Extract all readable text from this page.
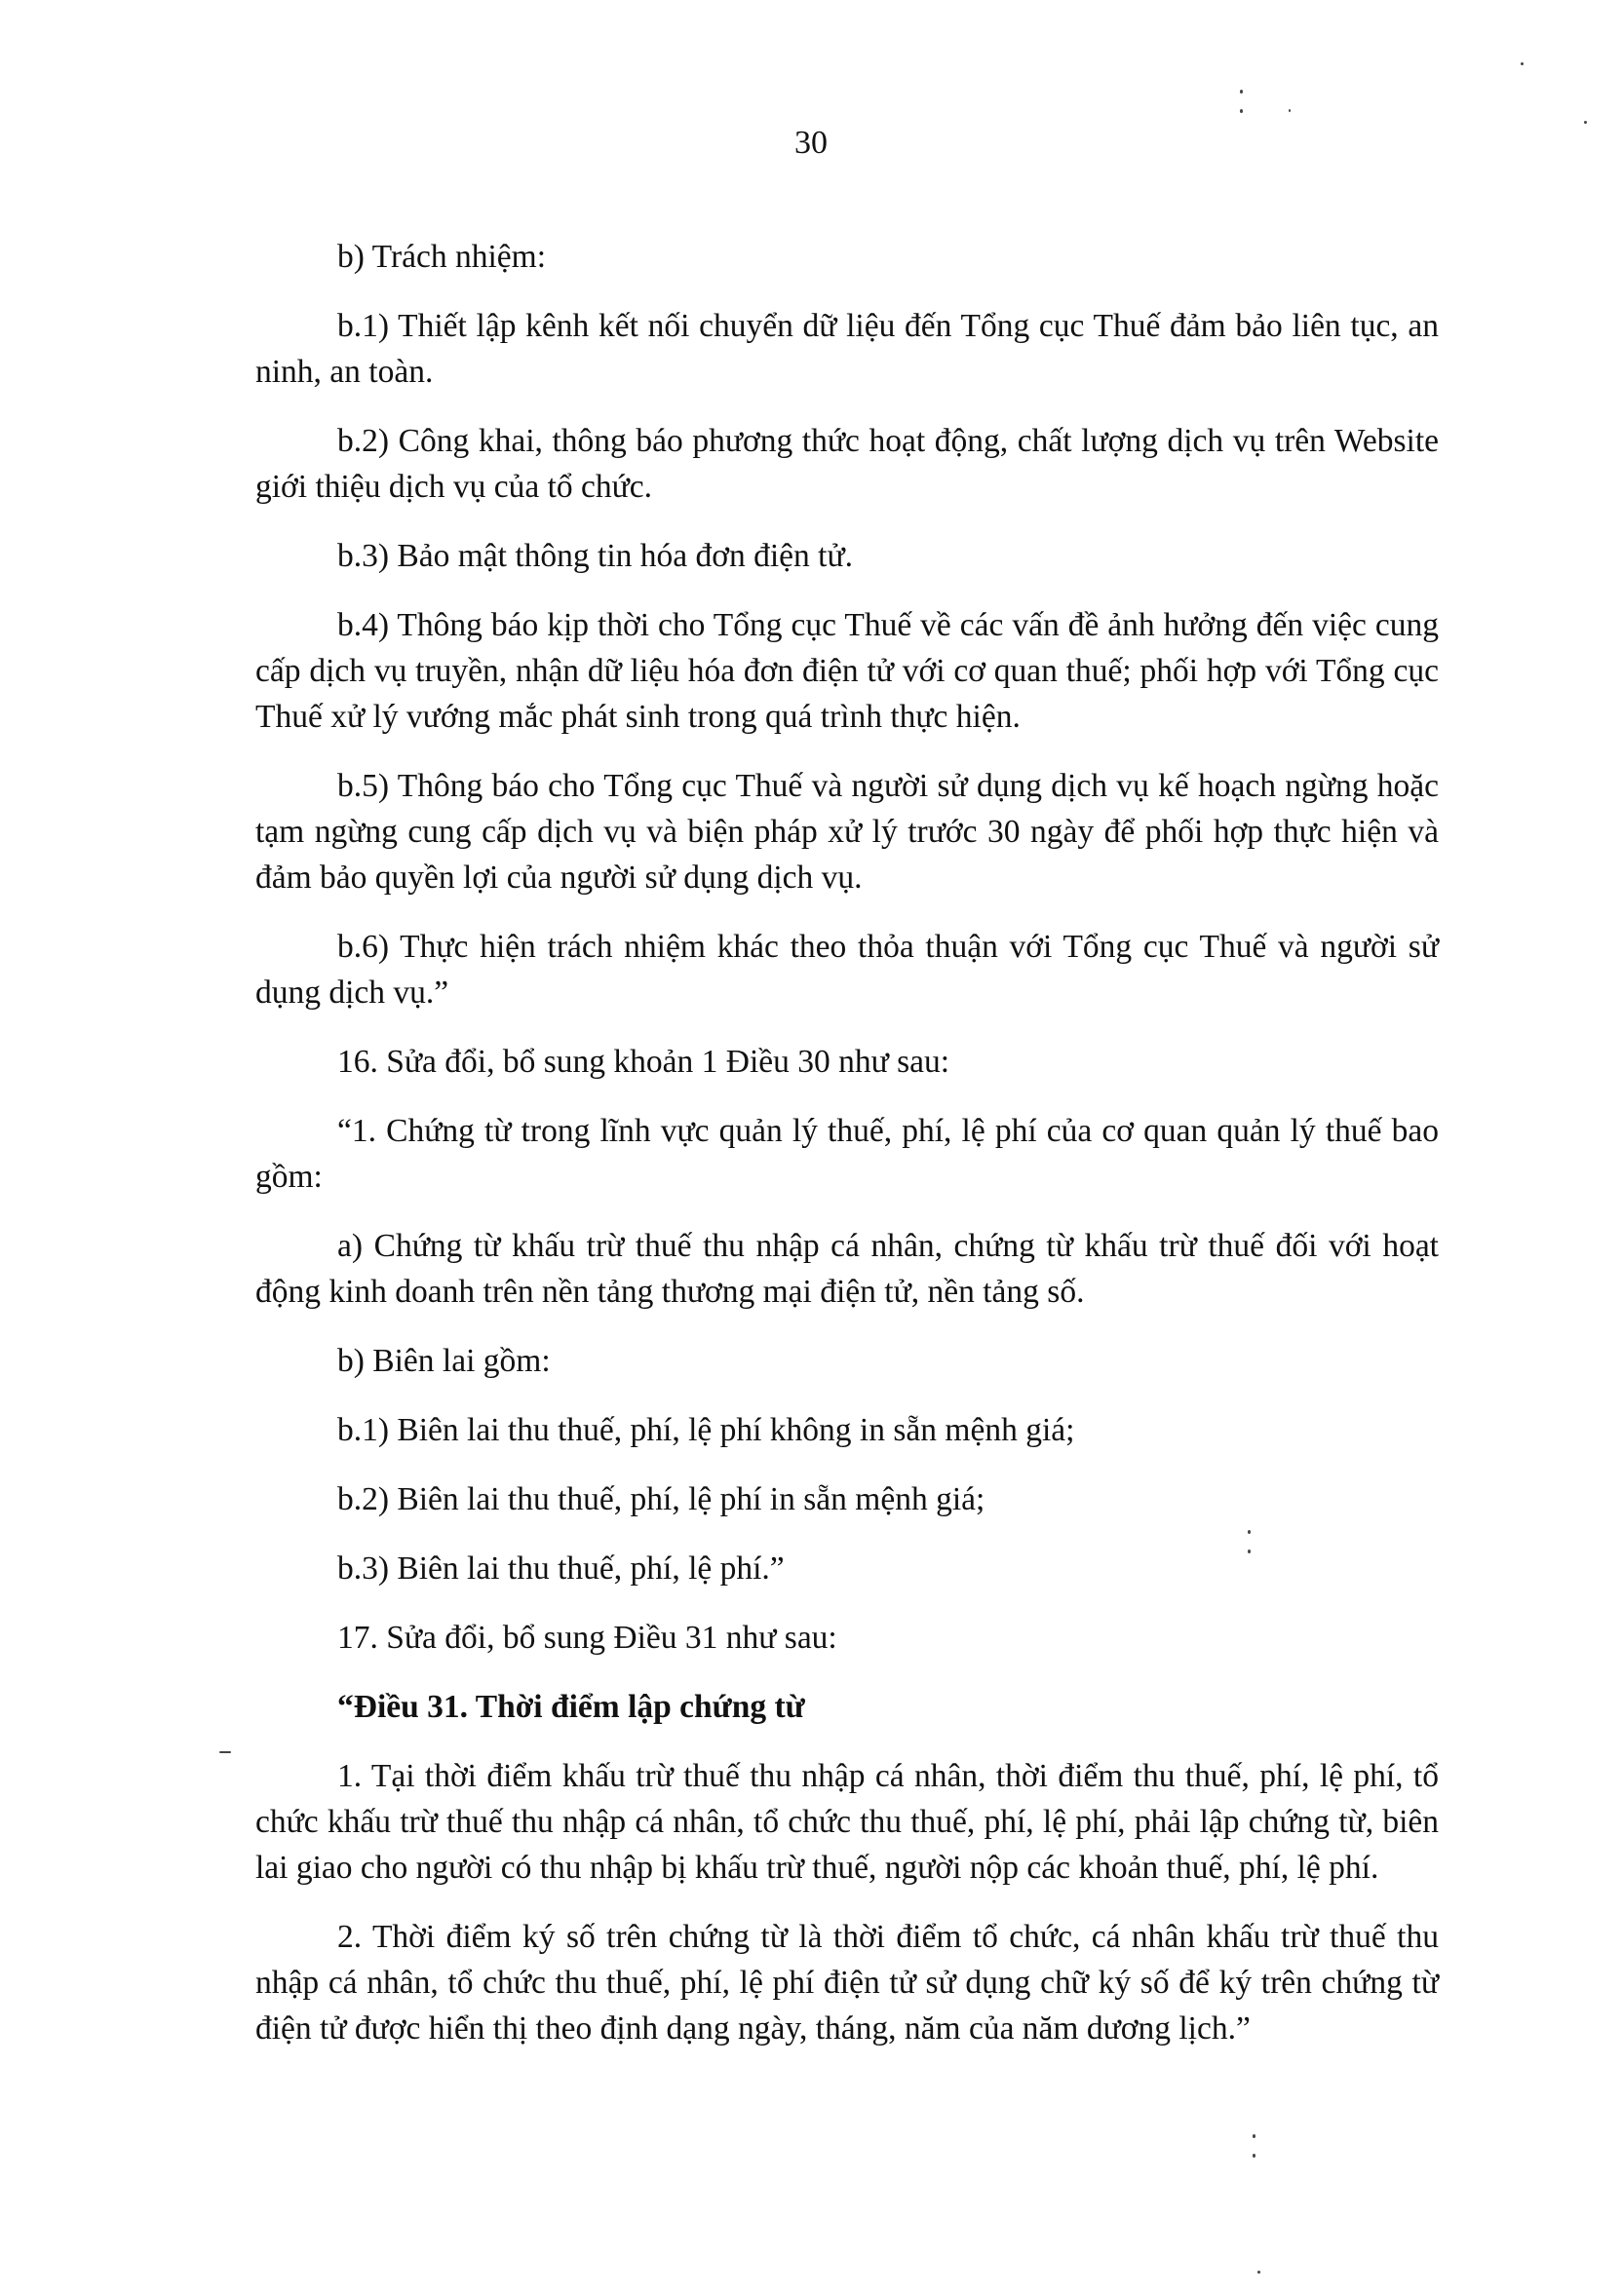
30

b) Trách nhiệm:

b.1) Thiết lập kênh kết nối chuyển dữ liệu đến Tổng cục Thuế đảm bảo liên tục, an ninh, an toàn.

b.2) Công khai, thông báo phương thức hoạt động, chất lượng dịch vụ trên Website giới thiệu dịch vụ của tổ chức.

b.3) Bảo mật thông tin hóa đơn điện tử.

b.4) Thông báo kịp thời cho Tổng cục Thuế về các vấn đề ảnh hưởng đến việc cung cấp dịch vụ truyền, nhận dữ liệu hóa đơn điện tử với cơ quan thuế; phối hợp với Tổng cục Thuế xử lý vướng mắc phát sinh trong quá trình thực hiện.

b.5) Thông báo cho Tổng cục Thuế và người sử dụng dịch vụ kế hoạch ngừng hoặc tạm ngừng cung cấp dịch vụ và biện pháp xử lý trước 30 ngày để phối hợp thực hiện và đảm bảo quyền lợi của người sử dụng dịch vụ.

b.6) Thực hiện trách nhiệm khác theo thỏa thuận với Tổng cục Thuế và người sử dụng dịch vụ.”

16. Sửa đổi, bổ sung khoản 1 Điều 30 như sau:

“1. Chứng từ trong lĩnh vực quản lý thuế, phí, lệ phí của cơ quan quản lý thuế bao gồm:

a) Chứng từ khấu trừ thuế thu nhập cá nhân, chứng từ khấu trừ thuế đối với hoạt động kinh doanh trên nền tảng thương mại điện tử, nền tảng số.

b) Biên lai gồm:

b.1) Biên lai thu thuế, phí, lệ phí không in sẵn mệnh giá;

b.2) Biên lai thu thuế, phí, lệ phí in sẵn mệnh giá;

b.3) Biên lai thu thuế, phí, lệ phí.”

17. Sửa đổi, bổ sung Điều 31 như sau:

“Điều 31. Thời điểm lập chứng từ

1. Tại thời điểm khấu trừ thuế thu nhập cá nhân, thời điểm thu thuế, phí, lệ phí, tổ chức khấu trừ thuế thu nhập cá nhân, tổ chức thu thuế, phí, lệ phí, phải lập chứng từ, biên lai giao cho người có thu nhập bị khấu trừ thuế, người nộp các khoản thuế, phí, lệ phí.

2. Thời điểm ký số trên chứng từ là thời điểm tổ chức, cá nhân khấu trừ thuế thu nhập cá nhân, tổ chức thu thuế, phí, lệ phí điện tử sử dụng chữ ký số để ký trên chứng từ điện tử được hiển thị theo định dạng ngày, tháng, năm của năm dương lịch.”
